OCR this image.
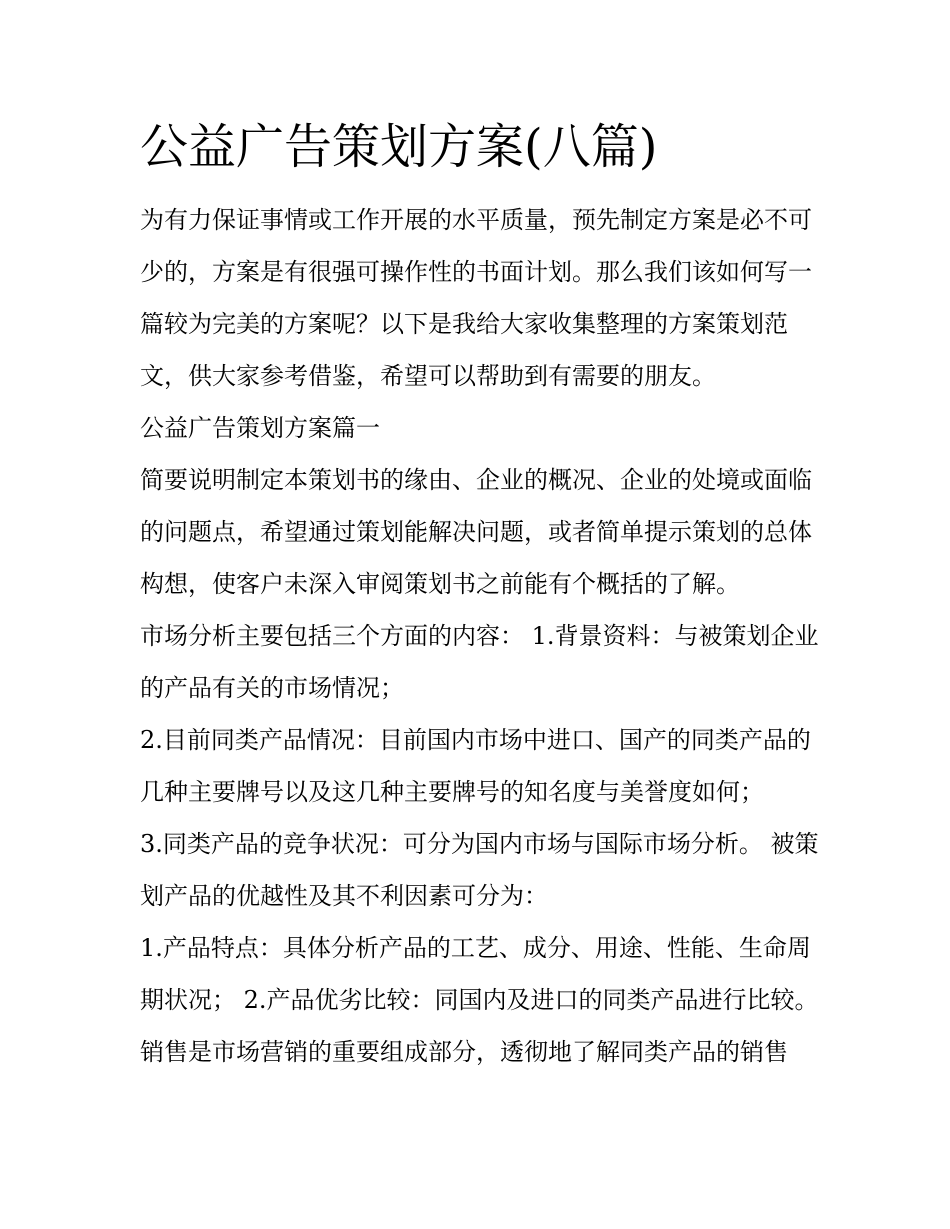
公益广告策划方案(八篇)

为有力保证事情或工作开展的水平质量，预先制定方案是必不可少的，方案是有很强可操作性的书面计划。那么我们该如何写一篇较为完美的方案呢？以下是我给大家收集整理的方案策划范文，供大家参考借鉴，希望可以帮助到有需要的朋友。

公益广告策划方案篇一

简要说明制定本策划书的缘由、企业的概况、企业的处境或面临的问题点，希望通过策划能解决问题，或者简单提示策划的总体构想，使客户未深入审阅策划书之前能有个概括的了解。

市场分析主要包括三个方面的内容： 1.背景资料：与被策划企业的产品有关的市场情况；

2.目前同类产品情况：目前国内市场中进口、国产的同类产品的几种主要牌号以及这几种主要牌号的知名度与美誉度如何；

3.同类产品的竞争状况：可分为国内市场与国际市场分析。 被策划产品的优越性及其不利因素可分为：

1.产品特点：具体分析产品的工艺、成分、用途、性能、生命周期状况； 2.产品优劣比较：同国内及进口的同类产品进行比较。

销售是市场营销的重要组成部分，透彻地了解同类产品的销售
